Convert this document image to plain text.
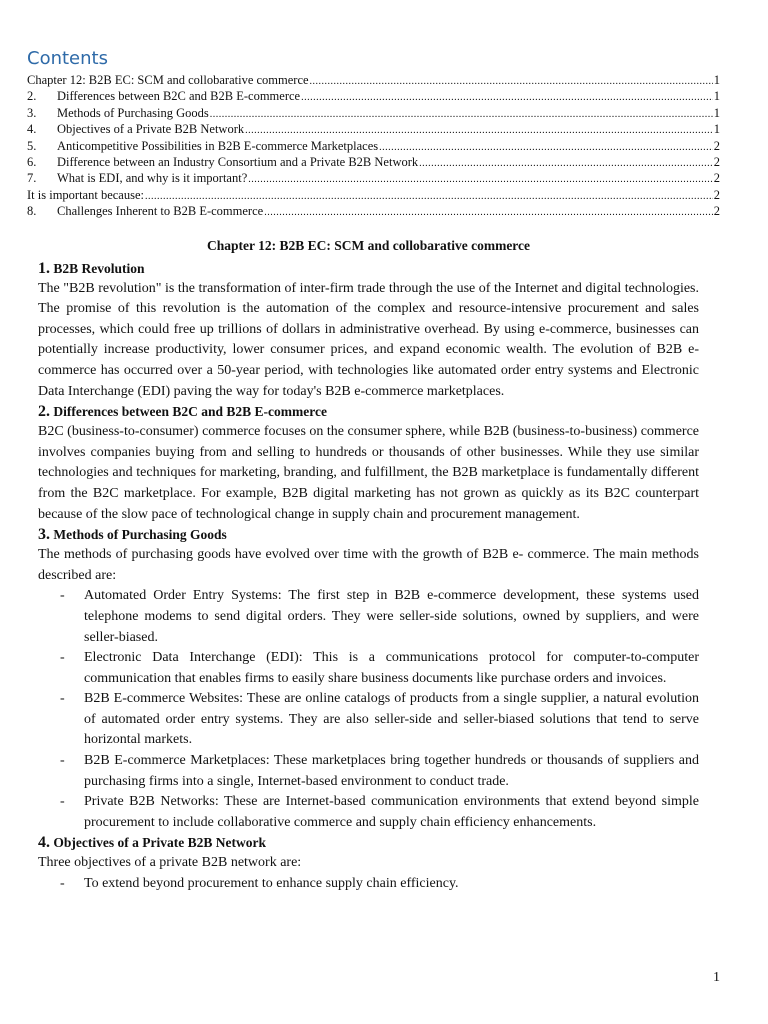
Contents
Chapter 12: B2B EC: SCM and collobarative commerce .....	1
2.	Differences between B2C and B2B E-commerce .....	1
3.	Methods of Purchasing Goods .....	1
4.	Objectives of a Private B2B Network .....	1
5.	Anticompetitive Possibilities in B2B E-commerce Marketplaces .....	2
6.	Difference between an Industry Consortium and a Private B2B Network .....	2
7.	What is EDI, and why is it important? .....	2
It is important because: .....	2
8.	Challenges Inherent to B2B E-commerce .....	2
Chapter 12: B2B EC: SCM and collobarative commerce
1. B2B Revolution

The "B2B revolution" is the transformation of inter-firm trade through the use of the Internet and digital technologies. The promise of this revolution is the automation of the complex and resource-intensive procurement and sales processes, which could free up trillions of dollars in administrative overhead. By using e-commerce, businesses can potentially increase productivity, lower consumer prices, and expand economic wealth. The evolution of B2B e-commerce has occurred over a 50-year period, with technologies like automated order entry systems and Electronic Data Interchange (EDI) paving the way for today's B2B e-commerce marketplaces.

2. Differences between B2C and B2B E-commerce

B2C (business-to-consumer) commerce focuses on the consumer sphere, while B2B (business-to-business) commerce involves companies buying from and selling to hundreds or thousands of other businesses. While they use similar technologies and techniques for marketing, branding, and fulfillment, the B2B marketplace is fundamentally different from the B2C marketplace. For example, B2B digital marketing has not grown as quickly as its B2C counterpart because of the slow pace of technological change in supply chain and procurement management.

3. Methods of Purchasing Goods

The methods of purchasing goods have evolved over time with the growth of B2B e- commerce. The main methods described are:

- Automated Order Entry Systems: The first step in B2B e-commerce development, these systems used telephone modems to send digital orders. They were seller-side solutions, owned by suppliers, and were seller-biased.
- Electronic Data Interchange (EDI): This is a communications protocol for computer-to-computer communication that enables firms to easily share business documents like purchase orders and invoices.
- B2B E-commerce Websites: These are online catalogs of products from a single supplier, a natural evolution of automated order entry systems. They are also seller-side and seller-biased solutions that tend to serve horizontal markets.
- B2B E-commerce Marketplaces: These marketplaces bring together hundreds or thousands of suppliers and purchasing firms into a single, Internet-based environment to conduct trade.
- Private B2B Networks: These are Internet-based communication environments that extend beyond simple procurement to include collaborative commerce and supply chain efficiency enhancements.
4. Objectives of a Private B2B Network

Three objectives of a private B2B network are:

- To extend beyond procurement to enhance supply chain efficiency.
1
